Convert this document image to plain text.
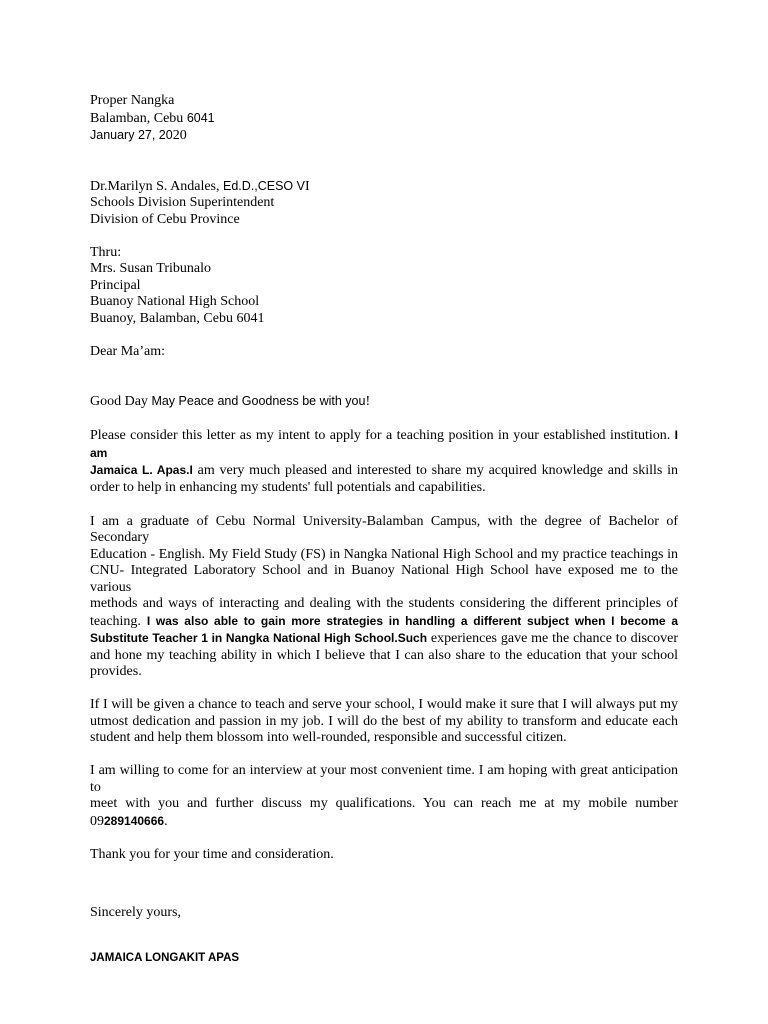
Proper Nangka
Balamban, Cebu 6041
January 27, 2020
Dr.Marilyn S. Andales, Ed.D.,CESO VI
Schools Division Superintendent
Division of Cebu Province
Thru:
Mrs. Susan Tribunalo
Principal
Buanoy National High School
Buanoy, Balamban, Cebu 6041
Dear Ma’am:
Good Day May Peace and Goodness be with you!
Please consider this letter as my intent to apply for a teaching position in your established institution. I am
Jamaica L. Apas.I am very much pleased and interested to share my acquired knowledge and skills in
order to help in enhancing my students' full potentials and capabilities.
I am a graduate of Cebu Normal University-Balamban Campus, with the degree of Bachelor of Secondary
Education - English. My Field Study (FS) in Nangka National High School and my practice teachings in
CNU- Integrated Laboratory School and in Buanoy National High School have exposed me to the various
methods and ways of interacting and dealing with the students considering the different principles of
teaching. I was also able to gain more strategies in handling a different subject when I become a
Substitute Teacher 1 in Nangka National High School.Such experiences gave me the chance to discover
and hone my teaching ability in which I believe that I can also share to the education that your school
provides.
If I will be given a chance to teach and serve your school, I would make it sure that I will always put my
utmost dedication and passion in my job. I will do the best of my ability to transform and educate each
student and help them blossom into well-rounded, responsible and successful citizen.
I am willing to come for an interview at your most convenient time. I am hoping with great anticipation to
meet with you and further discuss my qualifications. You can reach me at my mobile number
09289140666.
Thank you for your time and consideration.
Sincerely yours,
JAMAICA LONGAKIT APAS
